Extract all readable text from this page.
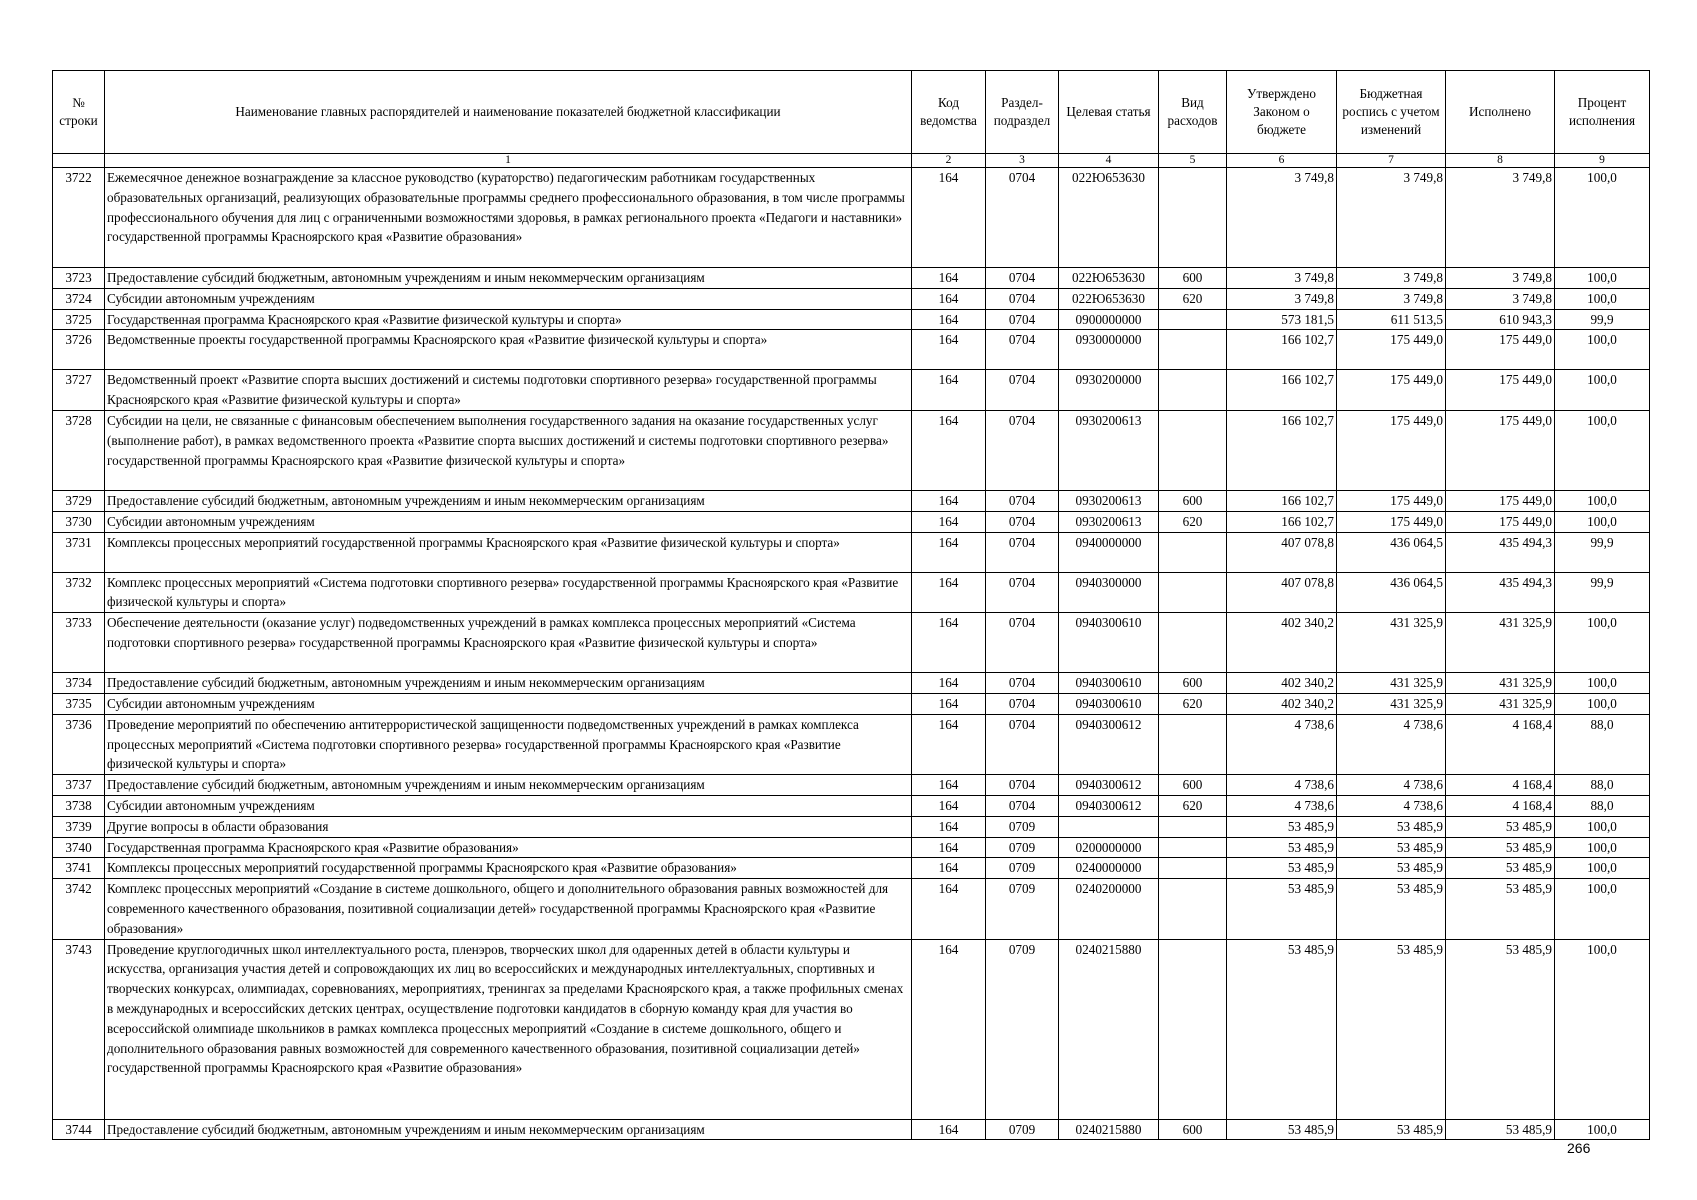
№ строки	Наименование главных распорядителей и наименование показателей бюджетной классификации	Код ведомства	Раздел-подраздел	Целевая статья	Вид расходов	Утверждено Законом о бюджете	Бюджетная роспись с учетом изменений	Исполнено	Процент исполнения
	1	2	3	4	5	6	7	8	9
3722	Ежемесячное денежное вознаграждение за классное руководство (кураторство) педагогическим работникам государственных образовательных организаций, реализующих образовательные программы среднего профессионального образования, в том числе программы профессионального обучения для лиц с ограниченными возможностями здоровья, в рамках регионального проекта «Педагоги и наставники» государственной программы Красноярского края «Развитие образования»	164	0704	022Ю653630		3 749,8	3 749,8	3 749,8	100,0
3723	Предоставление субсидий бюджетным, автономным учреждениям и иным некоммерческим организациям	164	0704	022Ю653630	600	3 749,8	3 749,8	3 749,8	100,0
3724	Субсидии автономным учреждениям	164	0704	022Ю653630	620	3 749,8	3 749,8	3 749,8	100,0
3725	Государственная программа Красноярского края «Развитие физической культуры и спорта»	164	0704	0900000000		573 181,5	611 513,5	610 943,3	99,9
3726	Ведомственные проекты государственной программы Красноярского края «Развитие физической культуры и спорта»	164	0704	0930000000		166 102,7	175 449,0	175 449,0	100,0
3727	Ведомственный проект «Развитие спорта высших достижений и системы подготовки спортивного резерва» государственной программы Красноярского края «Развитие физической культуры и спорта»	164	0704	0930200000		166 102,7	175 449,0	175 449,0	100,0
3728	Субсидии на цели, не связанные с финансовым обеспечением выполнения государственного задания на оказание государственных услуг (выполнение работ), в рамках ведомственного проекта «Развитие спорта высших достижений и системы подготовки спортивного резерва» государственной программы Красноярского края «Развитие физической культуры и спорта»	164	0704	0930200613		166 102,7	175 449,0	175 449,0	100,0
3729	Предоставление субсидий бюджетным, автономным учреждениям и иным некоммерческим организациям	164	0704	0930200613	600	166 102,7	175 449,0	175 449,0	100,0
3730	Субсидии автономным учреждениям	164	0704	0930200613	620	166 102,7	175 449,0	175 449,0	100,0
3731	Комплексы процессных мероприятий государственной программы Красноярского края «Развитие физической культуры и спорта»	164	0704	0940000000		407 078,8	436 064,5	435 494,3	99,9
3732	Комплекс процессных мероприятий «Система подготовки спортивного резерва» государственной программы Красноярского края «Развитие физической культуры и спорта»	164	0704	0940300000		407 078,8	436 064,5	435 494,3	99,9
3733	Обеспечение деятельности (оказание услуг) подведомственных учреждений в рамках комплекса процессных мероприятий «Система подготовки спортивного резерва» государственной программы Красноярского края «Развитие физической культуры и спорта»	164	0704	0940300610		402 340,2	431 325,9	431 325,9	100,0
3734	Предоставление субсидий бюджетным, автономным учреждениям и иным некоммерческим организациям	164	0704	0940300610	600	402 340,2	431 325,9	431 325,9	100,0
3735	Субсидии автономным учреждениям	164	0704	0940300610	620	402 340,2	431 325,9	431 325,9	100,0
3736	Проведение мероприятий по обеспечению антитеррористической защищенности подведомственных учреждений в рамках комплекса процессных мероприятий «Система подготовки спортивного резерва» государственной программы Красноярского края «Развитие физической культуры и спорта»	164	0704	0940300612		4 738,6	4 738,6	4 168,4	88,0
3737	Предоставление субсидий бюджетным, автономным учреждениям и иным некоммерческим организациям	164	0704	0940300612	600	4 738,6	4 738,6	4 168,4	88,0
3738	Субсидии автономным учреждениям	164	0704	0940300612	620	4 738,6	4 738,6	4 168,4	88,0
3739	Другие вопросы в области образования	164	0709			53 485,9	53 485,9	53 485,9	100,0
3740	Государственная программа Красноярского края «Развитие образования»	164	0709	0200000000		53 485,9	53 485,9	53 485,9	100,0
3741	Комплексы процессных мероприятий государственной программы Красноярского края «Развитие образования»	164	0709	0240000000		53 485,9	53 485,9	53 485,9	100,0
3742	Комплекс процессных мероприятий «Создание в системе дошкольного, общего и дополнительного образования равных возможностей для современного качественного образования, позитивной социализации детей» государственной программы Красноярского края «Развитие образования»	164	0709	0240200000		53 485,9	53 485,9	53 485,9	100,0
3743	Проведение круглогодичных школ интеллектуального роста, пленэров, творческих школ для одаренных детей в области культуры и искусства, организация участия детей и сопровождающих их лиц во всероссийских и международных интеллектуальных, спортивных и творческих конкурсах, олимпиадах, соревнованиях, мероприятиях, тренингах за пределами Красноярского края, а также профильных сменах в международных и всероссийских детских центрах, осуществление подготовки кандидатов в сборную команду края для участия во всероссийской олимпиаде школьников в рамках комплекса процессных мероприятий «Создание в системе дошкольного, общего и дополнительного образования равных возможностей для современного качественного образования, позитивной социализации детей» государственной программы Красноярского края «Развитие образования»	164	0709	0240215880		53 485,9	53 485,9	53 485,9	100,0
3744	Предоставление субсидий бюджетным, автономным учреждениям и иным некоммерческим организациям	164	0709	0240215880	600	53 485,9	53 485,9	53 485,9	100,0
266
